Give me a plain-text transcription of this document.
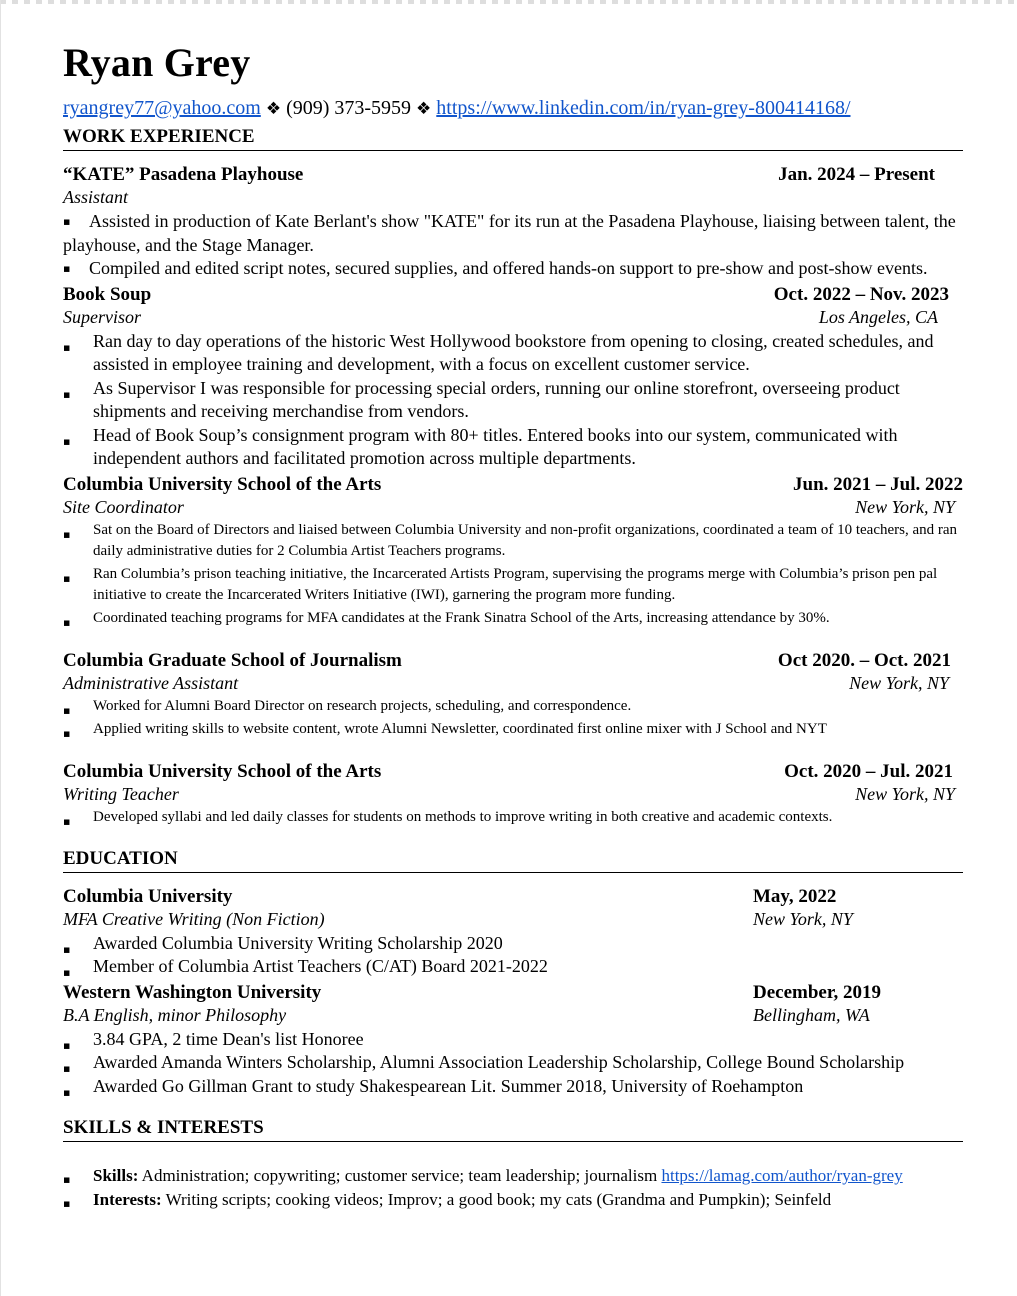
Ryan Grey
ryangrey77@yahoo.com ❖ (909) 373-5959 ❖ https://www.linkedin.com/in/ryan-grey-800414168/
WORK EXPERIENCE
“KATE” Pasadena Playhouse	Jan. 2024 – Present
Assistant
▪ Assisted in production of Kate Berlant's show "KATE" for its run at the Pasadena Playhouse, liaising between talent, the playhouse, and the Stage Manager.
▪ Compiled and edited script notes, secured supplies, and offered hands-on support to pre-show and post-show events.
Book Soup	Oct. 2022 – Nov. 2023
Supervisor	Los Angeles, CA
▪ Ran day to day operations of the historic West Hollywood bookstore from opening to closing, created schedules, and assisted in employee training and development, with a focus on excellent customer service.
▪ As Supervisor I was responsible for processing special orders, running our online storefront, overseeing product shipments and receiving merchandise from vendors.
▪ Head of Book Soup’s consignment program with 80+ titles. Entered books into our system, communicated with independent authors and facilitated promotion across multiple departments.
Columbia University School of the Arts	Jun. 2021 – Jul. 2022
Site Coordinator	New York, NY
▪ Sat on the Board of Directors and liaised between Columbia University and non-profit organizations, coordinated a team of 10 teachers, and ran daily administrative duties for 2 Columbia Artist Teachers programs.
▪ Ran Columbia’s prison teaching initiative, the Incarcerated Artists Program, supervising the programs merge with Columbia’s prison pen pal initiative to create the Incarcerated Writers Initiative (IWI), garnering the program more funding.
▪ Coordinated teaching programs for MFA candidates at the Frank Sinatra School of the Arts, increasing attendance by 30%.
Columbia Graduate School of Journalism	Oct 2020. – Oct. 2021
Administrative Assistant	New York, NY
▪ Worked for Alumni Board Director on research projects, scheduling, and correspondence.
▪ Applied writing skills to website content, wrote Alumni Newsletter, coordinated first online mixer with J School and NYT
Columbia University School of the Arts	Oct. 2020 – Jul. 2021
Writing Teacher	New York, NY
▪ Developed syllabi and led daily classes for students on methods to improve writing in both creative and academic contexts.
EDUCATION
Columbia University	May, 2022
MFA Creative Writing (Non Fiction)	New York, NY
▪ Awarded Columbia University Writing Scholarship 2020
▪ Member of Columbia Artist Teachers (C/AT) Board 2021-2022
Western Washington University	December, 2019
B.A English, minor Philosophy	Bellingham, WA
▪ 3.84 GPA, 2 time Dean's list Honoree
▪ Awarded Amanda Winters Scholarship, Alumni Association Leadership Scholarship, College Bound Scholarship
▪ Awarded Go Gillman Grant to study Shakespearean Lit. Summer 2018, University of Roehampton
SKILLS & INTERESTS
▪ Skills: Administration; copywriting; customer service; team leadership; journalism https://lamag.com/author/ryan-grey
▪ Interests: Writing scripts; cooking videos; Improv; a good book; my cats (Grandma and Pumpkin); Seinfeld
